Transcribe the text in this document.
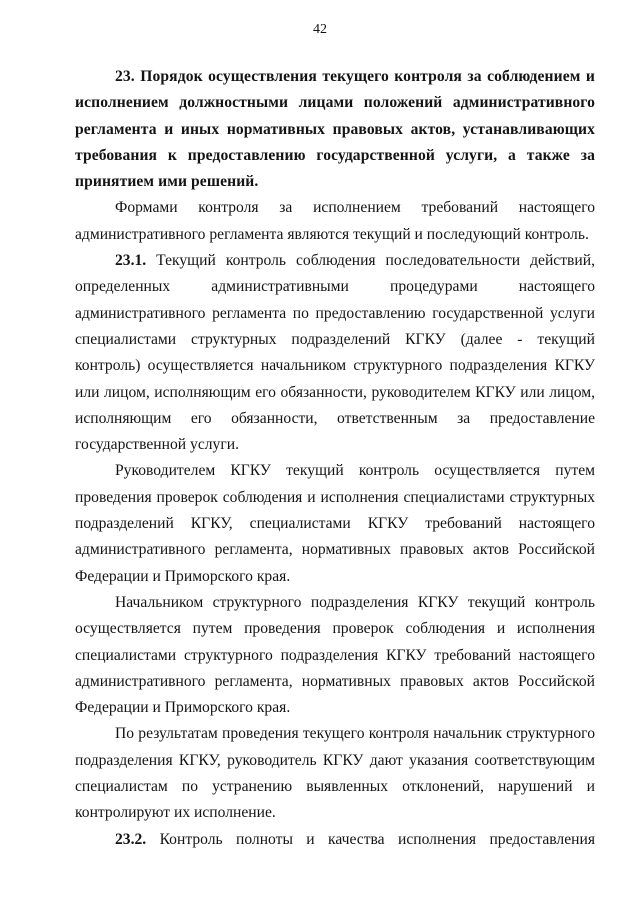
42

23. Порядок осуществления текущего контроля за соблюдением и исполнением должностными лицами положений административного регламента и иных нормативных правовых актов, устанавливающих требования к предоставлению государственной услуги, а также за принятием ими решений.

Формами контроля за исполнением требований настоящего административного регламента являются текущий и последующий контроль.

23.1. Текущий контроль соблюдения последовательности действий, определенных административными процедурами настоящего административного регламента по предоставлению государственной услуги специалистами структурных подразделений КГКУ (далее - текущий контроль) осуществляется начальником структурного подразделения КГКУ или лицом, исполняющим его обязанности, руководителем КГКУ или лицом, исполняющим его обязанности, ответственным за предоставление государственной услуги.

Руководителем КГКУ текущий контроль осуществляется путем проведения проверок соблюдения и исполнения специалистами структурных подразделений КГКУ, специалистами КГКУ требований настоящего административного регламента, нормативных правовых актов Российской Федерации и Приморского края.

Начальником структурного подразделения КГКУ текущий контроль осуществляется путем проведения проверок соблюдения и исполнения специалистами структурного подразделения КГКУ требований настоящего административного регламента, нормативных правовых актов Российской Федерации и Приморского края.

По результатам проведения текущего контроля начальник структурного подразделения КГКУ, руководитель КГКУ дают указания соответствующим специалистам по устранению выявленных отклонений, нарушений и контролируют их исполнение.

23.2. Контроль полноты и качества исполнения предоставления
